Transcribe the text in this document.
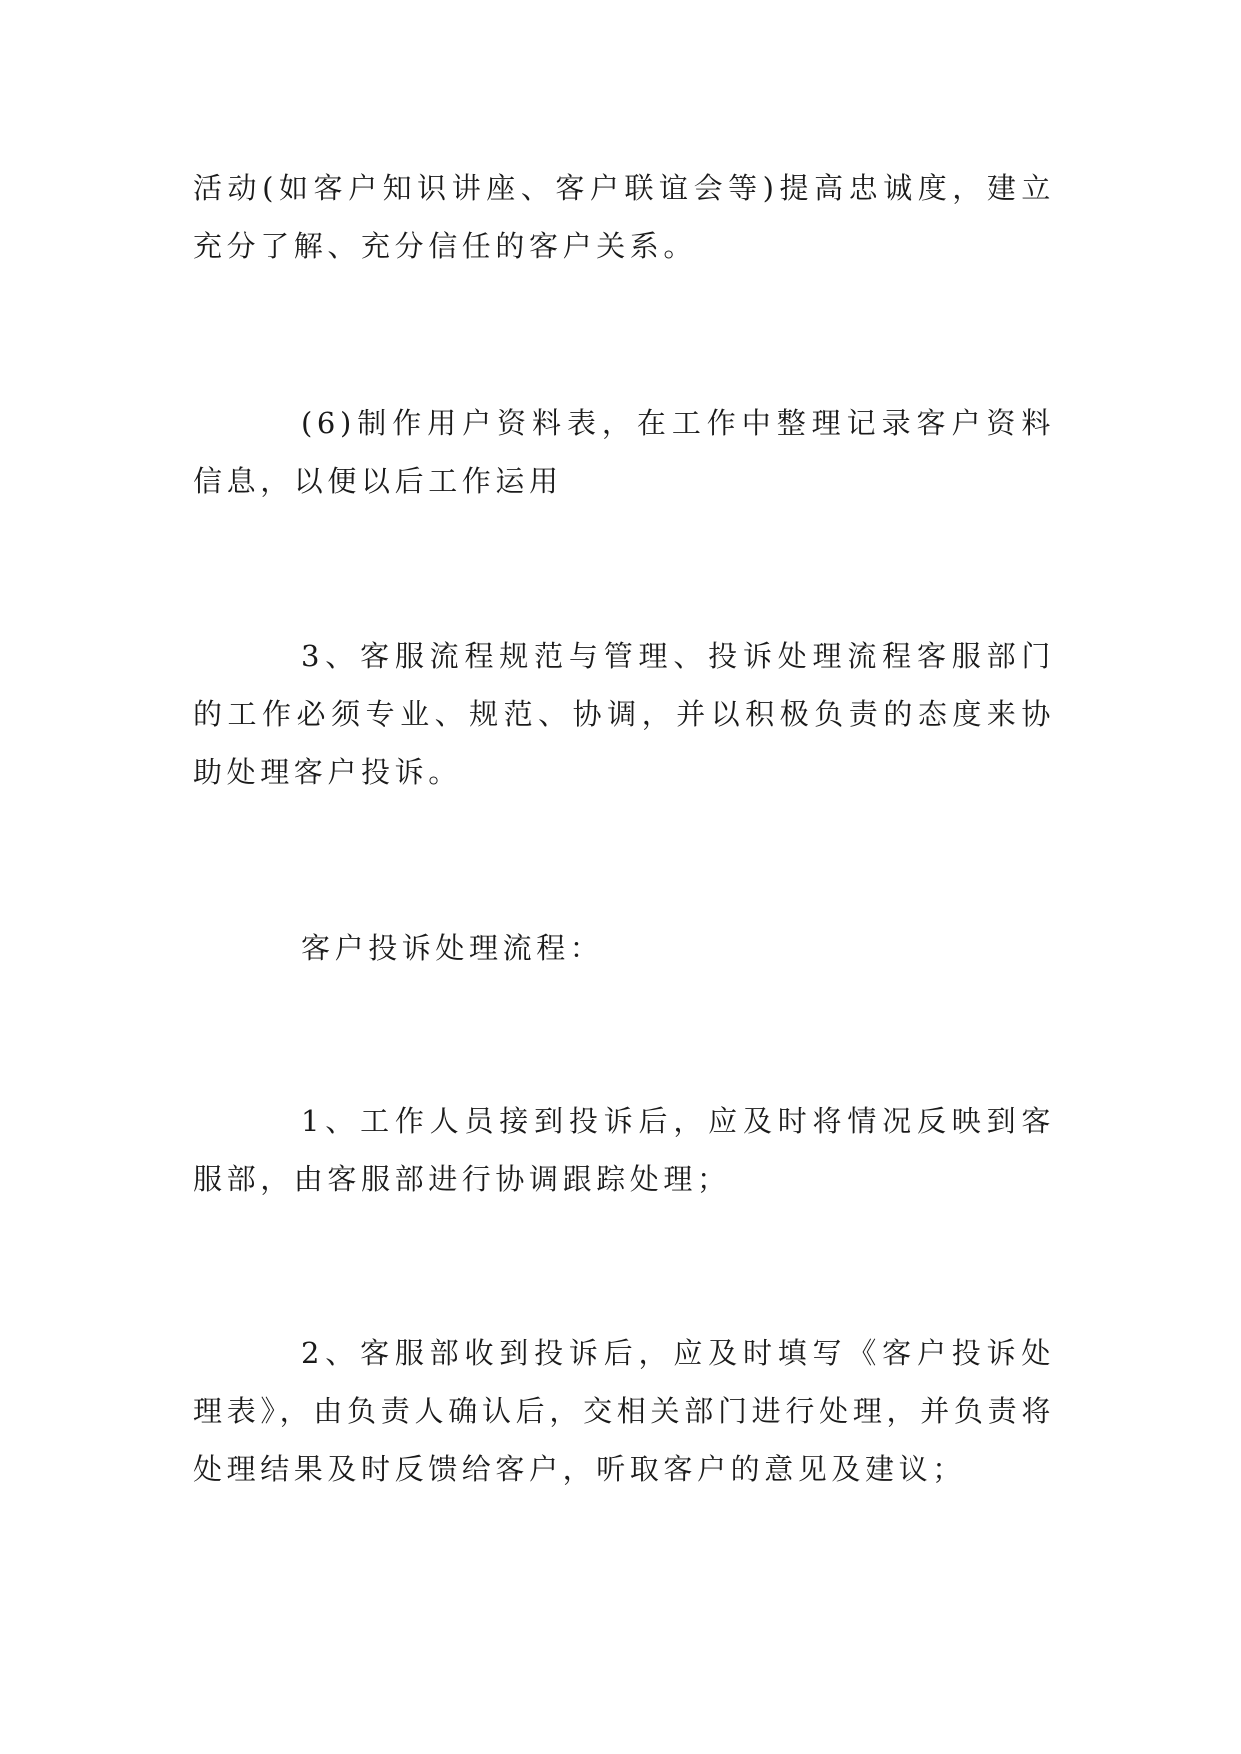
活动(如客户知识讲座、客户联谊会等)提高忠诚度，建立充分了解、充分信任的客户关系。

(6)制作用户资料表，在工作中整理记录客户资料信息，以便以后工作运用

3、客服流程规范与管理、投诉处理流程客服部门的工作必须专业、规范、协调，并以积极负责的态度来协助处理客户投诉。

客户投诉处理流程：

1、工作人员接到投诉后，应及时将情况反映到客服部，由客服部进行协调跟踪处理；

2、客服部收到投诉后，应及时填写《客户投诉处理表》，由负责人确认后，交相关部门进行处理，并负责将处理结果及时反馈给客户，听取客户的意见及建议；
